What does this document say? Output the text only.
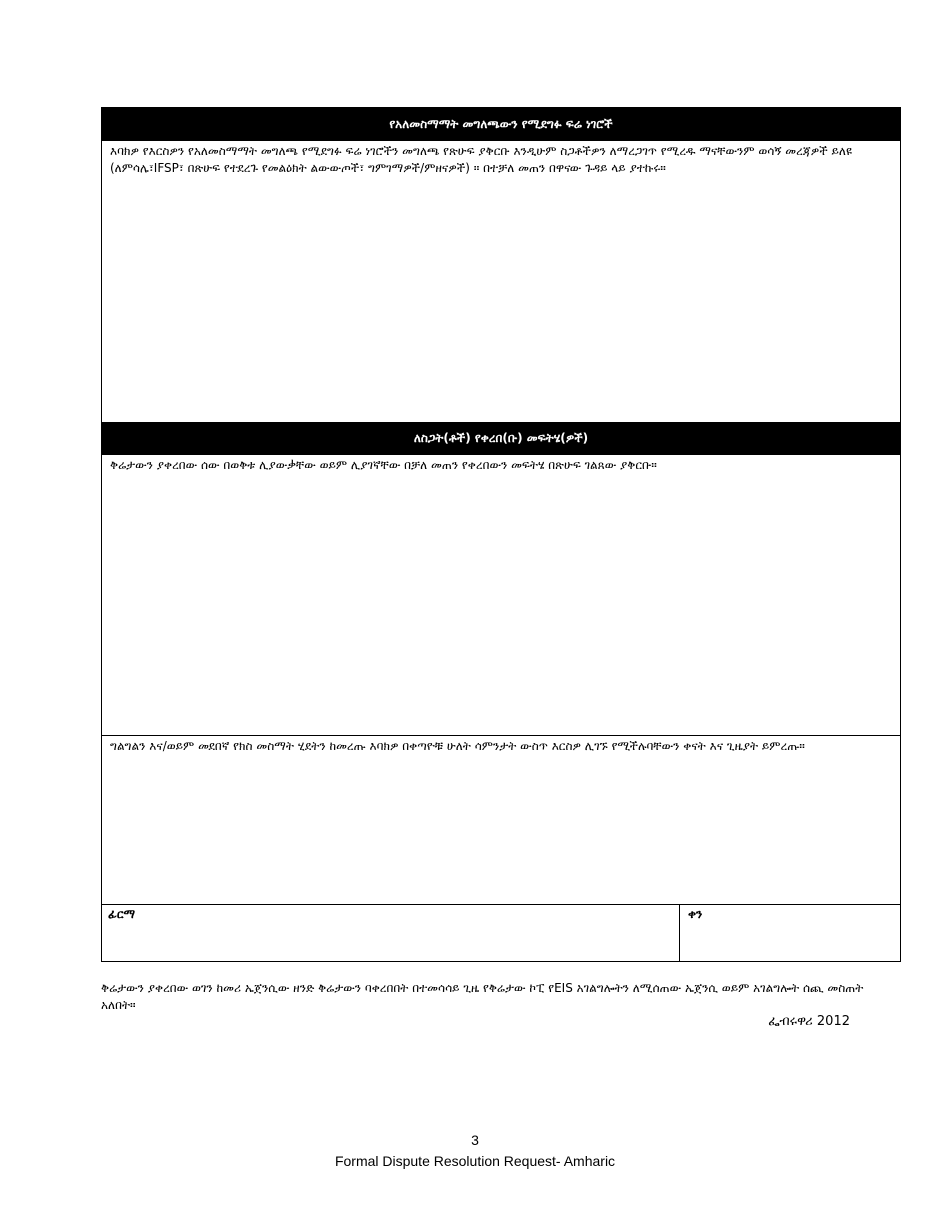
የአለመስማማት መግለጫውን የሚደግፉ ፍሬ ነገሮች
እባክዎ የእርስዎን የአለመስማማት መግለጫ የሚደግፉ ፍሬ ነገሮችን መግለጫ የጽሁፍ ያቅርቡ እንዲሁም ስጋቶችዎን ለማረጋገጥ የሚረዱ ማናቸውንም ወሳኝ መረጃዎች ይለዩ (ለምሳሌ፣IFSP፣ በጽሁፍ የተደረጉ የመልዕክት ልውውጦች፣ ግምገማዎች/ምዘናዎች) ። በተቻለ መጠን በዋናው ጉዳይ ላይ ያተኩሩ።
ለስጋት(ቶች) የቀረበ(ቡ) መፍትሄ(ዎች)
ቅሬታውን ያቀረበው ሰው በወቅቱ ሊያውቃቸው ወይም ሊያገኛቸው በቻለ መጠን የቀረበውን መፍትሄ በጽሁፍ ገልጸው ያቅርቡ።
ግልግልን እና/ወይም መደበኛ የክስ መስማት ሂደትን ከመረጡ እባክዎ በቀጣዮቹ ሁለት ሳምንታት ውስጥ እርስዎ ሊገኙ የሚችሉባቸውን ቀናት እና ጊዜያት ይምረጡ።
ፊርማ	ቀን
ቅሬታውን ያቀረበው ወገን ከመሪ ኤጀንሲው ዘንድ ቅሬታውን ባቀረበበት በተመሳሳይ ጊዜ የቅሬታው ኮፒ የEIS አገልግሎትን ለሚሰጠው ኤጀንሲ ወይም አገልግሎት ሰጪ መስጠት አለበት።
ፌብሩዋሪ 2012
3
Formal Dispute Resolution Request- Amharic
